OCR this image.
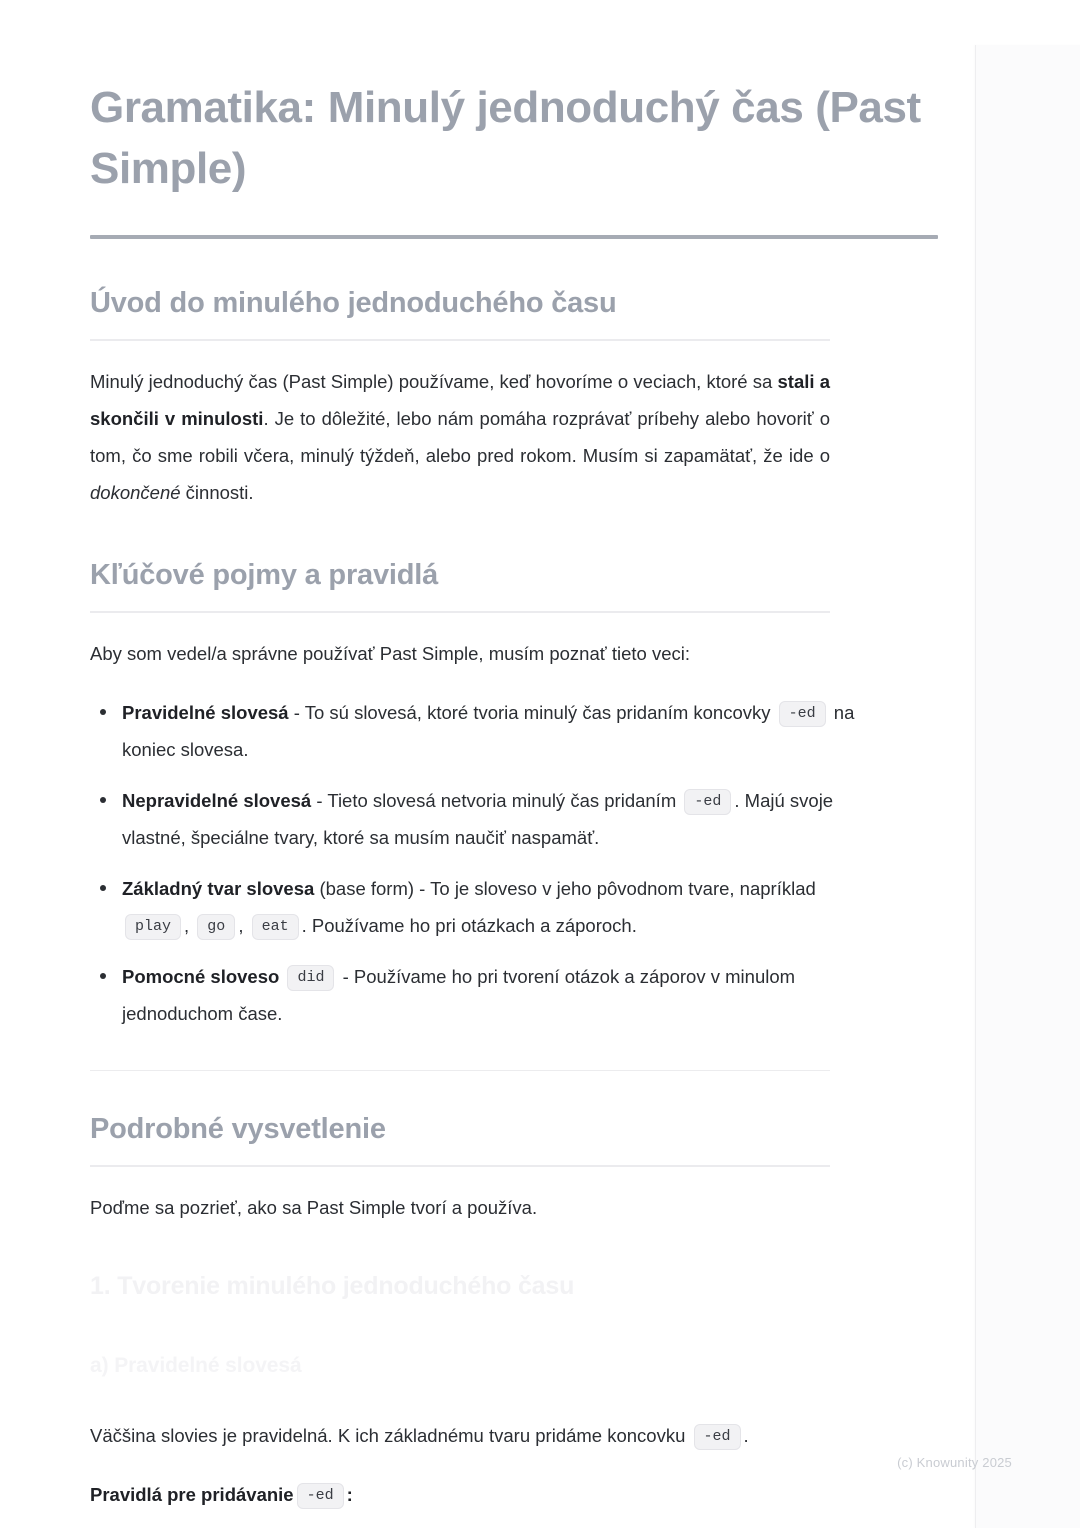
Gramatika: Minulý jednoduchý čas (Past Simple)
Úvod do minulého jednoduchého času

Minulý jednoduchý čas (Past Simple) používame, keď hovoríme o veciach, ktoré sa stali a skončili v minulosti. Je to dôležité, lebo nám pomáha rozprávať príbehy alebo hovoriť o tom, čo sme robili včera, minulý týždeň, alebo pred rokom. Musím si zapamätať, že ide o dokončené činnosti.

Kľúčové pojmy a pravidlá

Aby som vedel/a správne používať Past Simple, musím poznať tieto veci:

Pravidelné slovesá - To sú slovesá, ktoré tvoria minulý čas pridaním koncovky -ed na koniec slovesa.
Nepravidelné slovesá - Tieto slovesá netvoria minulý čas pridaním -ed . Majú svoje vlastné, špeciálne tvary, ktoré sa musím naučiť naspamäť.
Základný tvar slovesa (base form) - To je sloveso v jeho pôvodnom tvare, napríklad play , go , eat . Používame ho pri otázkach a záporoch.
Pomocné sloveso did - Používame ho pri tvorení otázok a záporov v minulom jednoduchom čase.
Podrobné vysvetlenie

Poďme sa pozrieť, ako sa Past Simple tvorí a používa.

1. Tvorenie minulého jednoduchého času
a) Pravidelné slovesá

Väčšina slovies je pravidelná. K ich základnému tvaru pridáme koncovku -ed .

Pravidlá pre pridávanie -ed :

(c) Knowunity 2025
